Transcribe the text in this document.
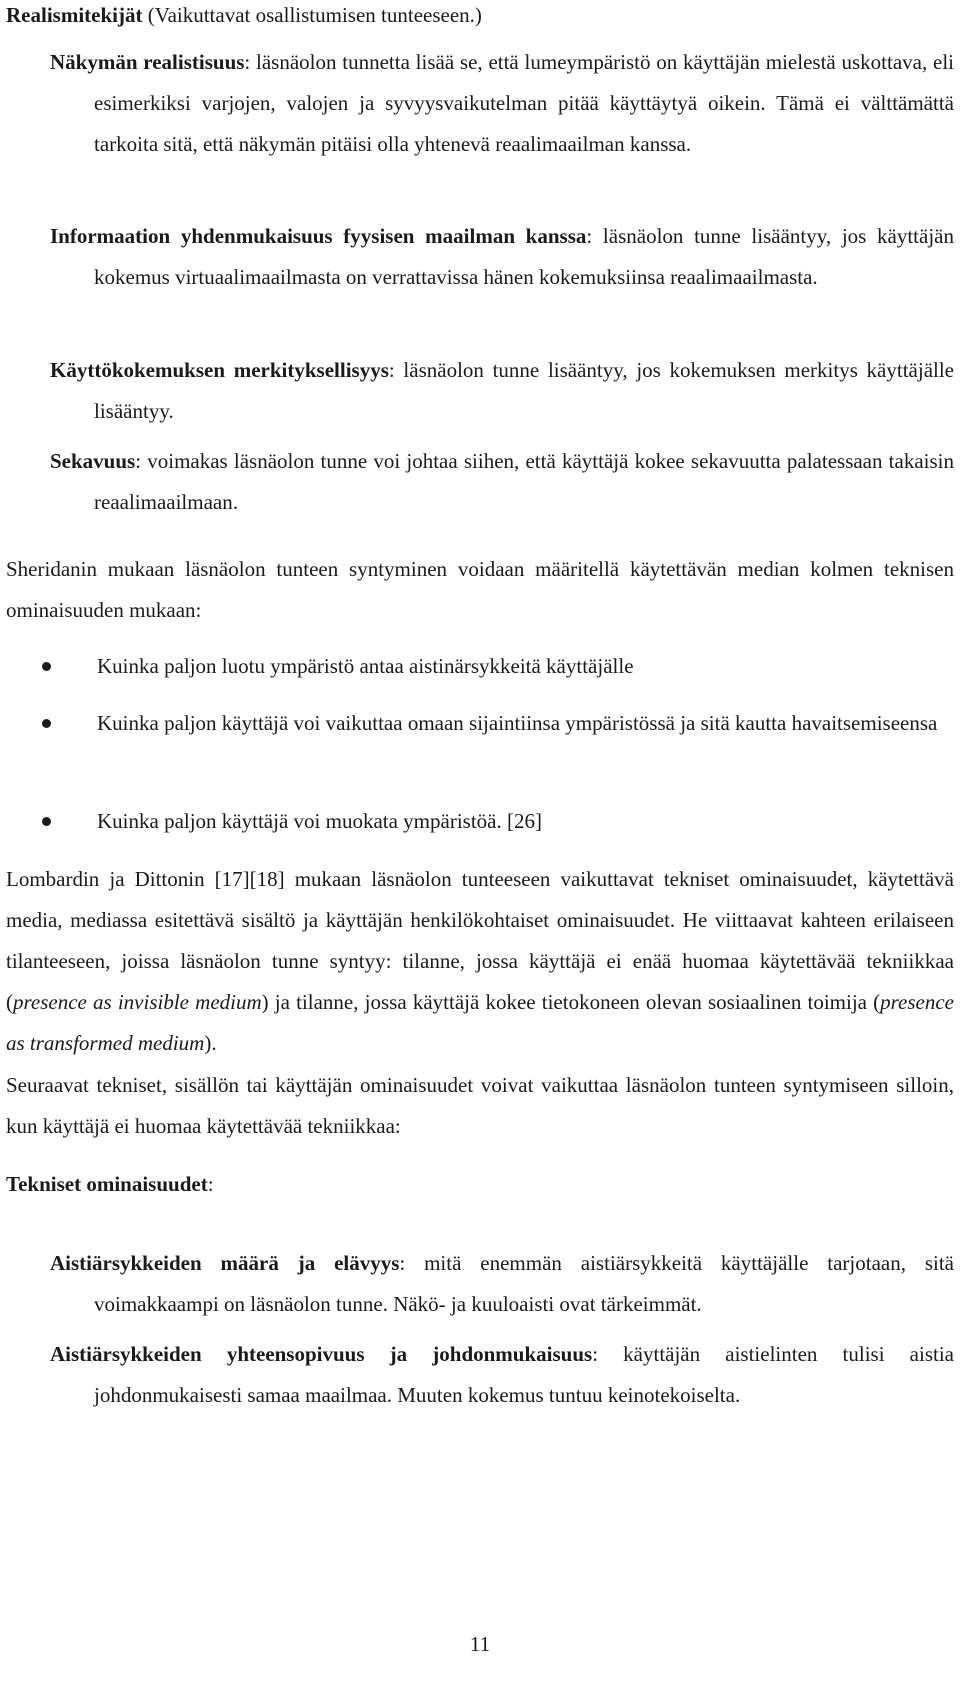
Realismitekijät (Vaikuttavat osallistumisen tunteeseen.)

Näkymän realistisuus: läsnäolon tunnetta lisää se, että lumeympäristö on käyttäjän mielestä uskottava, eli esimerkiksi varjojen, valojen ja syvyysvaikutelman pitää käyttäytyä oikein. Tämä ei välttämättä tarkoita sitä, että näkymän pitäisi olla yhtenevä reaalimaailman kanssa.

Informaation yhdenmukaisuus fyysisen maailman kanssa: läsnäolon tunne lisääntyy, jos käyttäjän kokemus virtuaalimaailmasta on verrattavissa hänen kokemuksiinsa reaalimaailmasta.

Käyttökokemuksen merkityksellisyys: läsnäolon tunne lisääntyy, jos kokemuksen merkitys käyttäjälle lisääntyy.

Sekavuus: voimakas läsnäolon tunne voi johtaa siihen, että käyttäjä kokee sekavuutta palatessaan takaisin reaalimaailmaan.

Sheridanin mukaan läsnäolon tunteen syntyminen voidaan määritellä käytettävän median kolmen teknisen ominaisuuden mukaan:

Kuinka paljon luotu ympäristö antaa aistinärsykkeitä käyttäjälle

Kuinka paljon käyttäjä voi vaikuttaa omaan sijaintiinsa ympäristössä ja sitä kautta havaitsemiseensa

Kuinka paljon käyttäjä voi muokata ympäristöä. [26]

Lombardin ja Dittonin [17][18] mukaan läsnäolon tunteeseen vaikuttavat tekniset ominaisuudet, käytettävä media, mediassa esitettävä sisältö ja käyttäjän henkilökohtaiset ominaisuudet. He viittaavat kahteen erilaiseen tilanteeseen, joissa läsnäolon tunne syntyy: tilanne, jossa käyttäjä ei enää huomaa käytettävää tekniikkaa (presence as invisible medium) ja tilanne, jossa käyttäjä kokee tietokoneen olevan sosiaalinen toimija (presence as transformed medium).

Seuraavat tekniset, sisällön tai käyttäjän ominaisuudet voivat vaikuttaa läsnäolon tunteen syntymiseen silloin, kun käyttäjä ei huomaa käytettävää tekniikkaa:

Tekniset ominaisuudet:

Aistiärsykkeiden määrä ja elävyys: mitä enemmän aistiärsykkeitä käyttäjälle tarjotaan, sitä voimakkaampi on läsnäolon tunne. Näkö- ja kuuloaisti ovat tärkeimmät.

Aistiärsykkeiden yhteensopivuus ja johdonmukaisuus: käyttäjän aistielinten tulisi aistia johdonmukaisesti samaa maailmaa. Muuten kokemus tuntuu keinotekoiselta.

11
